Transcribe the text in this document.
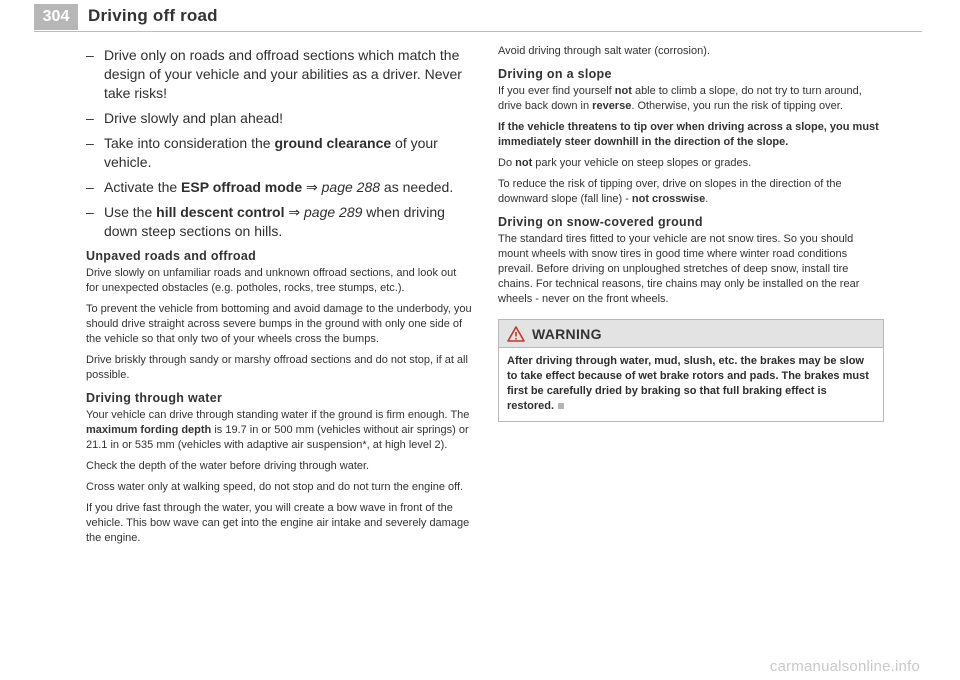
304	Driving off road
– Drive only on roads and offroad sections which match the design of your vehicle and your abilities as a driver. Never take risks!
– Drive slowly and plan ahead!
– Take into consideration the ground clearance of your vehicle.
– Activate the ESP offroad mode ⇒ page 288 as needed.
– Use the hill descent control ⇒ page 289 when driving down steep sections on hills.
Unpaved roads and offroad

Drive slowly on unfamiliar roads and unknown offroad sections, and look out for unexpected obstacles (e.g. potholes, rocks, tree stumps, etc.).

To prevent the vehicle from bottoming and avoid damage to the underbody, you should drive straight across severe bumps in the ground with only one side of the vehicle so that only two of your wheels cross the bumps.

Drive briskly through sandy or marshy offroad sections and do not stop, if at all possible.

Driving through water

Your vehicle can drive through standing water if the ground is firm enough. The maximum fording depth is 19.7 in or 500 mm (vehicles without air springs) or 21.1 in or 535 mm (vehicles with adaptive air suspension*, at high level 2).

Check the depth of the water before driving through water.

Cross water only at walking speed, do not stop and do not turn the engine off.

If you drive fast through the water, you will create a bow wave in front of the vehicle. This bow wave can get into the engine air intake and severely damage the engine.

Avoid driving through salt water (corrosion).

Driving on a slope

If you ever find yourself not able to climb a slope, do not try to turn around, drive back down in reverse. Otherwise, you run the risk of tipping over.

If the vehicle threatens to tip over when driving across a slope, you must immediately steer downhill in the direction of the slope.

Do not park your vehicle on steep slopes or grades.

To reduce the risk of tipping over, drive on slopes in the direction of the downward slope (fall line) - not crosswise.

Driving on snow-covered ground

The standard tires fitted to your vehicle are not snow tires. So you should mount wheels with snow tires in good time where winter road conditions prevail. Before driving on unploughed stretches of deep snow, install tire chains. For technical reasons, tire chains may only be installed on the rear wheels - never on the front wheels.

WARNING
After driving through water, mud, slush, etc. the brakes may be slow to take effect because of wet brake rotors and pads. The brakes must first be carefully dried by braking so that full braking effect is restored.
carmanualsonline.info
